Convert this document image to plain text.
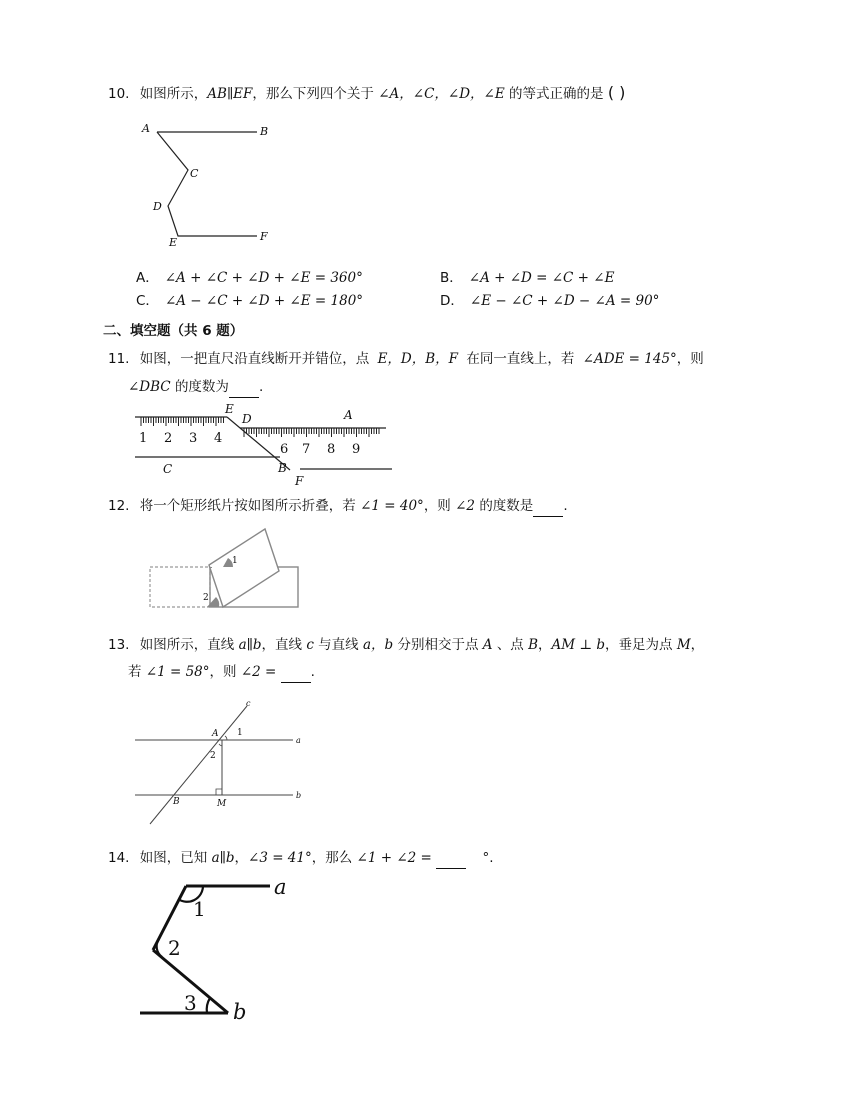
10. 如图所示，AB∥EF，那么下列四个关于 ∠A，∠C，∠D，∠E 的等式正确的是 ( )
A	B
C
D
E	F
A． ∠A + ∠C + ∠D + ∠E = 360°	B． ∠A + ∠D = ∠C + ∠E
C． ∠A − ∠C + ∠D + ∠E = 180°	D． ∠E − ∠C + ∠D − ∠A = 90°
二、填空题（共 6 题）
11. 如图，一把直尺沿直线断开并错位，点 E，D，B，F 在同一直线上，若 ∠ADE = 145°，则
∠DBC 的度数为 .
1 2 3 4
6 7 8 9
E
D	A
C	B
F
12. 将一个矩形纸片按如图所示折叠，若 ∠1 = 40°，则 ∠2 的度数是 .
1
2
13. 如图所示，直线 a∥b，直线 c 与直线 a，b 分别相交于点 A 、点 B，AM ⊥ b，垂足为点 M，
若 ∠1 = 58°，则 ∠2 =	.
c
a
b
A
B	M
1
2
14. 如图，已知 a∥b，∠3 = 41°，那么 ∠1 + ∠2 =	°.
a
b
1
2
3
